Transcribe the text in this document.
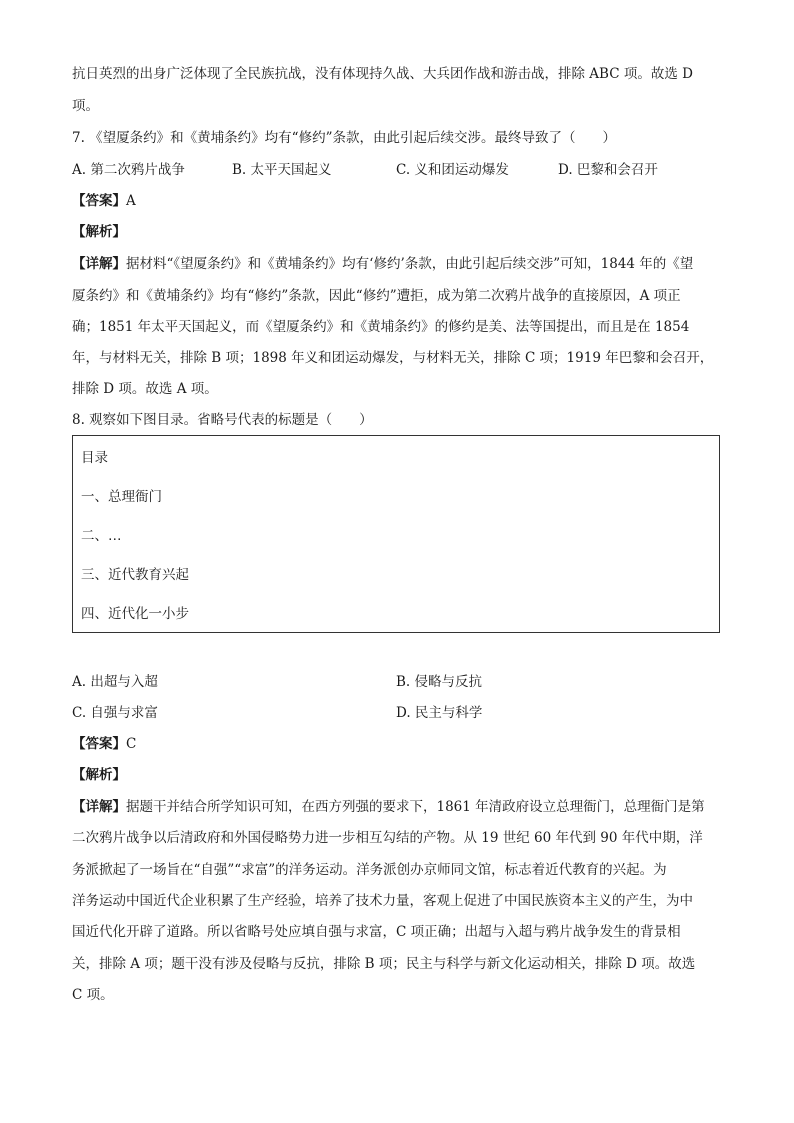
抗日英烈的出身广泛体现了全民族抗战，没有体现持久战、大兵团作战和游击战，排除 ABC 项。故选 D
项。
7. 《望厦条约》和《黄埔条约》均有“修约”条款，由此引起后续交涉。最终导致了（　　）
A. 第二次鸦片战争	B. 太平天国起义	C. 义和团运动爆发	D. 巴黎和会召开
【答案】A
【解析】
【详解】据材料“《望厦条约》和《黄埔条约》均有‘修约’条款，由此引起后续交涉”可知，1844 年的《望
厦条约》和《黄埔条约》均有“修约”条款，因此“修约”遭拒，成为第二次鸦片战争的直接原因，A 项正
确；1851 年太平天国起义，而《望厦条约》和《黄埔条约》的修约是美、法等国提出，而且是在 1854
年，与材料无关，排除 B 项；1898 年义和团运动爆发，与材料无关，排除 C 项；1919 年巴黎和会召开，
排除 D 项。故选 A 项。
8. 观察如下图目录。省略号代表的标题是（　　）
目录
一、总理衙门
二、…
三、近代教育兴起
四、近代化一小步
A. 出超与入超	B. 侵略与反抗
C. 自强与求富	D. 民主与科学
【答案】C
【解析】
【详解】据题干并结合所学知识可知，在西方列强的要求下，1861 年清政府设立总理衙门，总理衙门是第
二次鸦片战争以后清政府和外国侵略势力进一步相互勾结的产物。从 19 世纪 60 年代到 90 年代中期，洋
务派掀起了一场旨在“自强”“求富”的洋务运动。洋务派创办京师同文馆，标志着近代教育的兴起。为
洋务运动中国近代企业积累了生产经验，培养了技术力量，客观上促进了中国民族资本主义的产生，为中
国近代化开辟了道路。所以省略号处应填自强与求富，C 项正确；出超与入超与鸦片战争发生的背景相
关，排除 A 项；题干没有涉及侵略与反抗，排除 B 项；民主与科学与新文化运动相关，排除 D 项。故选
C 项。
